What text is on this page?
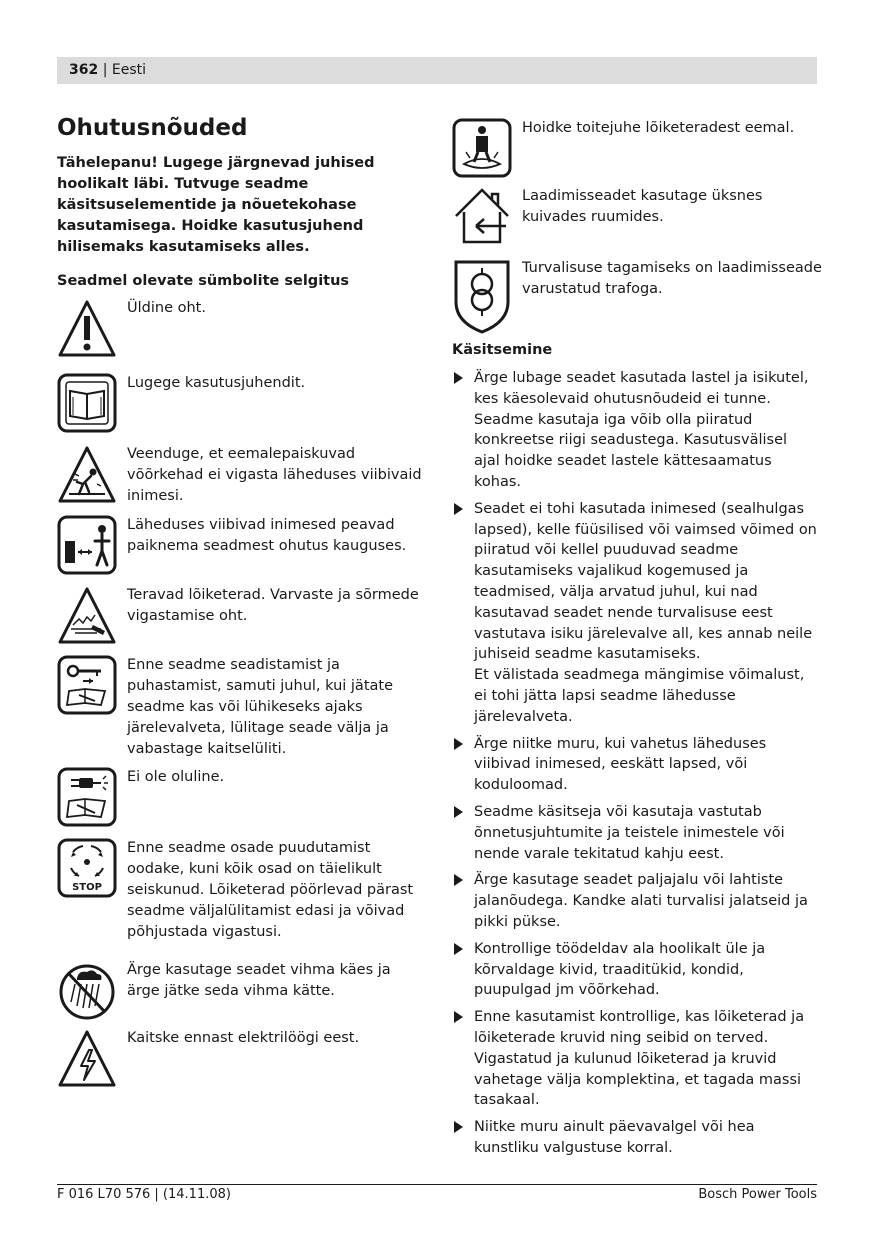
362 | Eesti
Ohutusnõuded
Tähelepanu! Lugege järgnevad juhised hoolikalt läbi. Tutvuge seadme käsitsuselementide ja nõuetekohase kasutamisega. Hoidke kasutusjuhend hilisemaks kasutamiseks alles.
Seadmel olevate sümbolite selgitus
Üldine oht.
Lugege kasutusjuhendit.
Veenduge, et eemalepaiskuvad võõrkehad ei vigasta läheduses viibivaid inimesi.
Läheduses viibivad inimesed peavad paiknema seadmest ohutus kauguses.
Teravad lõiketerad. Varvaste ja sõrmede vigastamise oht.
Enne seadme seadistamist ja puhastamist, samuti juhul, kui jätate seadme kas või lühikeseks ajaks järelevalveta, lülitage seade välja ja vabastage kaitselüliti.
Ei ole oluline.
STOP
Enne seadme osade puudutamist oodake, kuni kõik osad on täielikult seiskunud. Lõiketerad pöörlevad pärast seadme väljalülitamist edasi ja võivad põhjustada vigastusi.
Ärge kasutage seadet vihma käes ja ärge jätke seda vihma kätte.
Kaitske ennast elektrilöögi eest.
Hoidke toitejuhe lõiketeradest eemal.
Laadimisseadet kasutage üksnes kuivades ruumides.
Turvalisuse tagamiseks on laadimisseade varustatud trafoga.
Käsitsemine
Ärge lubage seadet kasutada lastel ja isikutel, kes käesolevaid ohutusnõudeid ei tunne. Seadme kasutaja iga võib olla piiratud konkreetse riigi seadustega. Kasutusvälisel ajal hoidke seadet lastele kättesaamatus kohas.
Seadet ei tohi kasutada inimesed (sealhulgas lapsed), kelle füüsilised või vaimsed võimed on piiratud või kellel puuduvad seadme kasutamiseks vajalikud kogemused ja teadmised, välja arvatud juhul, kui nad kasutavad seadet nende turvalisuse eest vastutava isiku järelevalve all, kes annab neile juhiseid seadme kasutamiseks.
Et välistada seadmega mängimise võimalust, ei tohi jätta lapsi seadme lähedusse järelevalveta.
Ärge niitke muru, kui vahetus läheduses viibivad inimesed, eeskätt lapsed, või koduloomad.
Seadme käsitseja või kasutaja vastutab õnnetusjuhtumite ja teistele inimestele või nende varale tekitatud kahju eest.
Ärge kasutage seadet paljajalu või lahtiste jalanõudega. Kandke alati turvalisi jalatseid ja pikki pükse.
Kontrollige töödeldav ala hoolikalt üle ja kõrvaldage kivid, traaditükid, kondid, puupulgad jm võõrkehad.
Enne kasutamist kontrollige, kas lõiketerad ja lõiketerade kruvid ning seibid on terved. Vigastatud ja kulunud lõiketerad ja kruvid vahetage välja komplektina, et tagada massi tasakaal.
Niitke muru ainult päevavalgel või hea kunstliku valgustuse korral.
F 016 L70 576 | (14.11.08)	Bosch Power Tools
